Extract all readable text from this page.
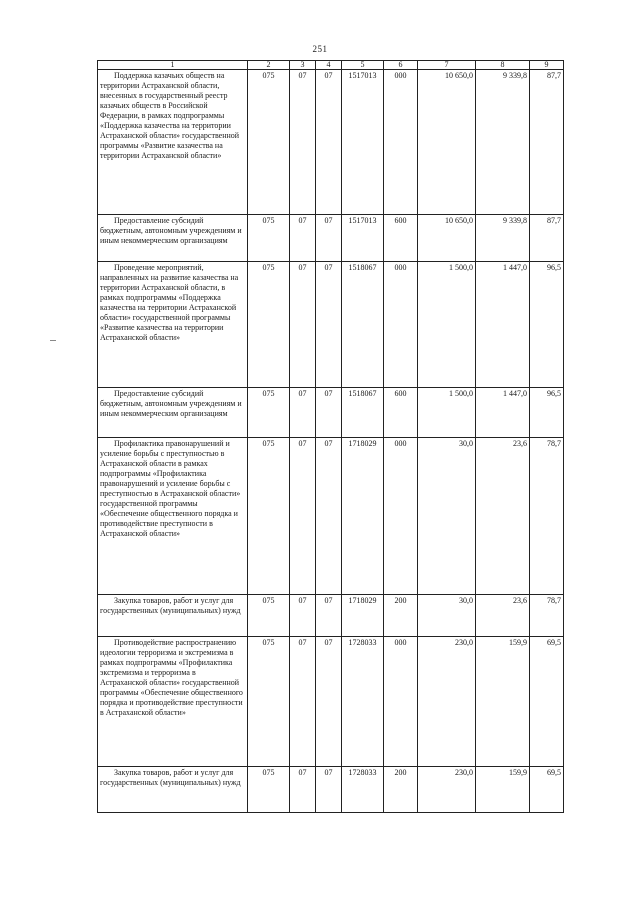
251
1	2	3	4	5	6	7	8	9

Поддержка казачьих обществ на территории Астраханской области, внесенных в государственный реестр казачьих обществ в Российской Федерации, в рамках подпрограммы «Поддержка казачества на территории Астраханской области» государственной программы «Развитие казачества на территории Астраханской области»	075	07	07	1517013	000	10 650,0	9 339,8	87,7

Предоставление субсидий бюджетным, автономным учреждениям и иным некоммерческим организациям	075	07	07	1517013	600	10 650,0	9 339,8	87,7

Проведение мероприятий, направленных на развитие казачества на территории Астраханской области, в рамках подпрограммы «Поддержка казачества на территории Астраханской области» государственной программы «Развитие казачества на территории Астраханской области»	075	07	07	1518067	000	1 500,0	1 447,0	96,5

Предоставление субсидий бюджетным, автономным учреждениям и иным некоммерческим организациям	075	07	07	1518067	600	1 500,0	1 447,0	96,5

Профилактика правонарушений и усиление борьбы с преступностью в Астраханской области в рамках подпрограммы «Профилактика правонарушений и усиление борьбы с преступностью в Астраханской области» государственной программы «Обеспечение общественного порядка и противодействие преступности в Астраханской области»	075	07	07	1718029	000	30,0	23,6	78,7

Закупка товаров, работ и услуг для государственных (муниципальных) нужд	075	07	07	1718029	200	30,0	23,6	78,7

Противодействие распространению идеологии терроризма и экстремизма в рамках подпрограммы «Профилактика экстремизма и терроризма в Астраханской области» государственной программы «Обеспечение общественного порядка и противодействие преступности в Астраханской области»	075	07	07	1728033	000	230,0	159,9	69,5

Закупка товаров, работ и услуг для государственных (муниципальных) нужд	075	07	07	1728033	200	230,0	159,9	69,5
